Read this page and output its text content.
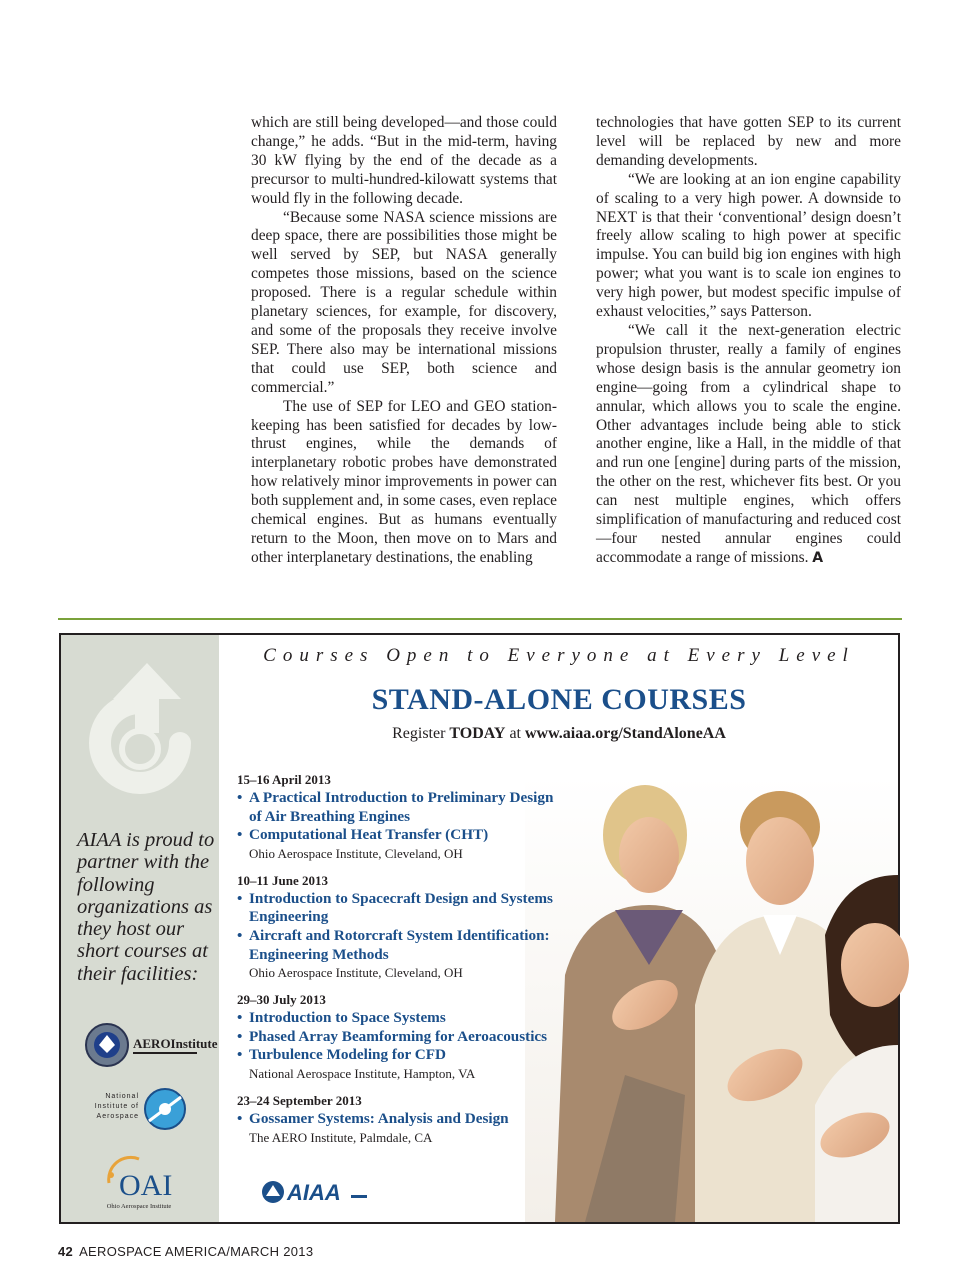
which are still being developed—and those could change,” he adds. “But in the mid-term, having 30 kW flying by the end of the decade as a precursor to multi-hundred-kilowatt systems that would fly in the following decade.

“Because some NASA science missions are deep space, there are possibilities those might be well served by SEP, but NASA generally competes those missions, based on the science proposed. There is a regular schedule within planetary sciences, for example, for discovery, and some of the proposals they receive involve SEP. There also may be international missions that could use SEP, both science and commercial.”

The use of SEP for LEO and GEO station-keeping has been satisfied for decades by low-thrust engines, while the demands of interplanetary robotic probes have demonstrated how relatively minor improvements in power can both supplement and, in some cases, even replace chemical engines. But as humans eventually return to the Moon, then move on to Mars and other interplanetary destinations, the enabling

technologies that have gotten SEP to its current level will be replaced by new and more demanding developments.

“We are looking at an ion engine capability of scaling to a very high power. A downside to NEXT is that their ‘conventional’ design doesn’t freely allow scaling to high power at specific impulse. You can build big ion engines with high power; what you want is to scale ion engines to very high power, but modest specific impulse of exhaust velocities,” says Patterson.

“We call it the next-generation electric propulsion thruster, really a family of engines whose design basis is the annular geometry ion engine—going from a cylindrical shape to annular, which allows you to scale the engine. Other advantages include being able to stick another engine, like a Hall, in the middle of that and run one [engine] during parts of the mission, the other on the rest, whichever fits best. Or you can nest multiple engines, which offers simplification of manufacturing and reduced cost—four nested annular engines could accommodate a range of missions. A

AIAA is proud to partner with the following organizations as they host our short courses at their facilities:
AEROInstitute
National
Institute of
Aerospace
OAI
Ohio Aerospace Institute
Courses Open to Everyone at Every Level
STAND-ALONE COURSES
Register TODAY at www.aiaa.org/StandAloneAA
15–16 April 2013
• A Practical Introduction to Preliminary Design of Air Breathing Engines
• Computational Heat Transfer (CHT)
Ohio Aerospace Institute, Cleveland, OH
10–11 June 2013
• Introduction to Spacecraft Design and Systems Engineering
• Aircraft and Rotorcraft System Identification: Engineering Methods
Ohio Aerospace Institute, Cleveland, OH
29–30 July 2013
• Introduction to Space Systems
• Phased Array Beamforming for Aeroacoustics
• Turbulence Modeling for CFD
National Aerospace Institute, Hampton, VA
23–24 September 2013
• Gossamer Systems: Analysis and Design
The AERO Institute, Palmdale, CA
AIAA
42 AEROSPACE AMERICA/MARCH 2013
